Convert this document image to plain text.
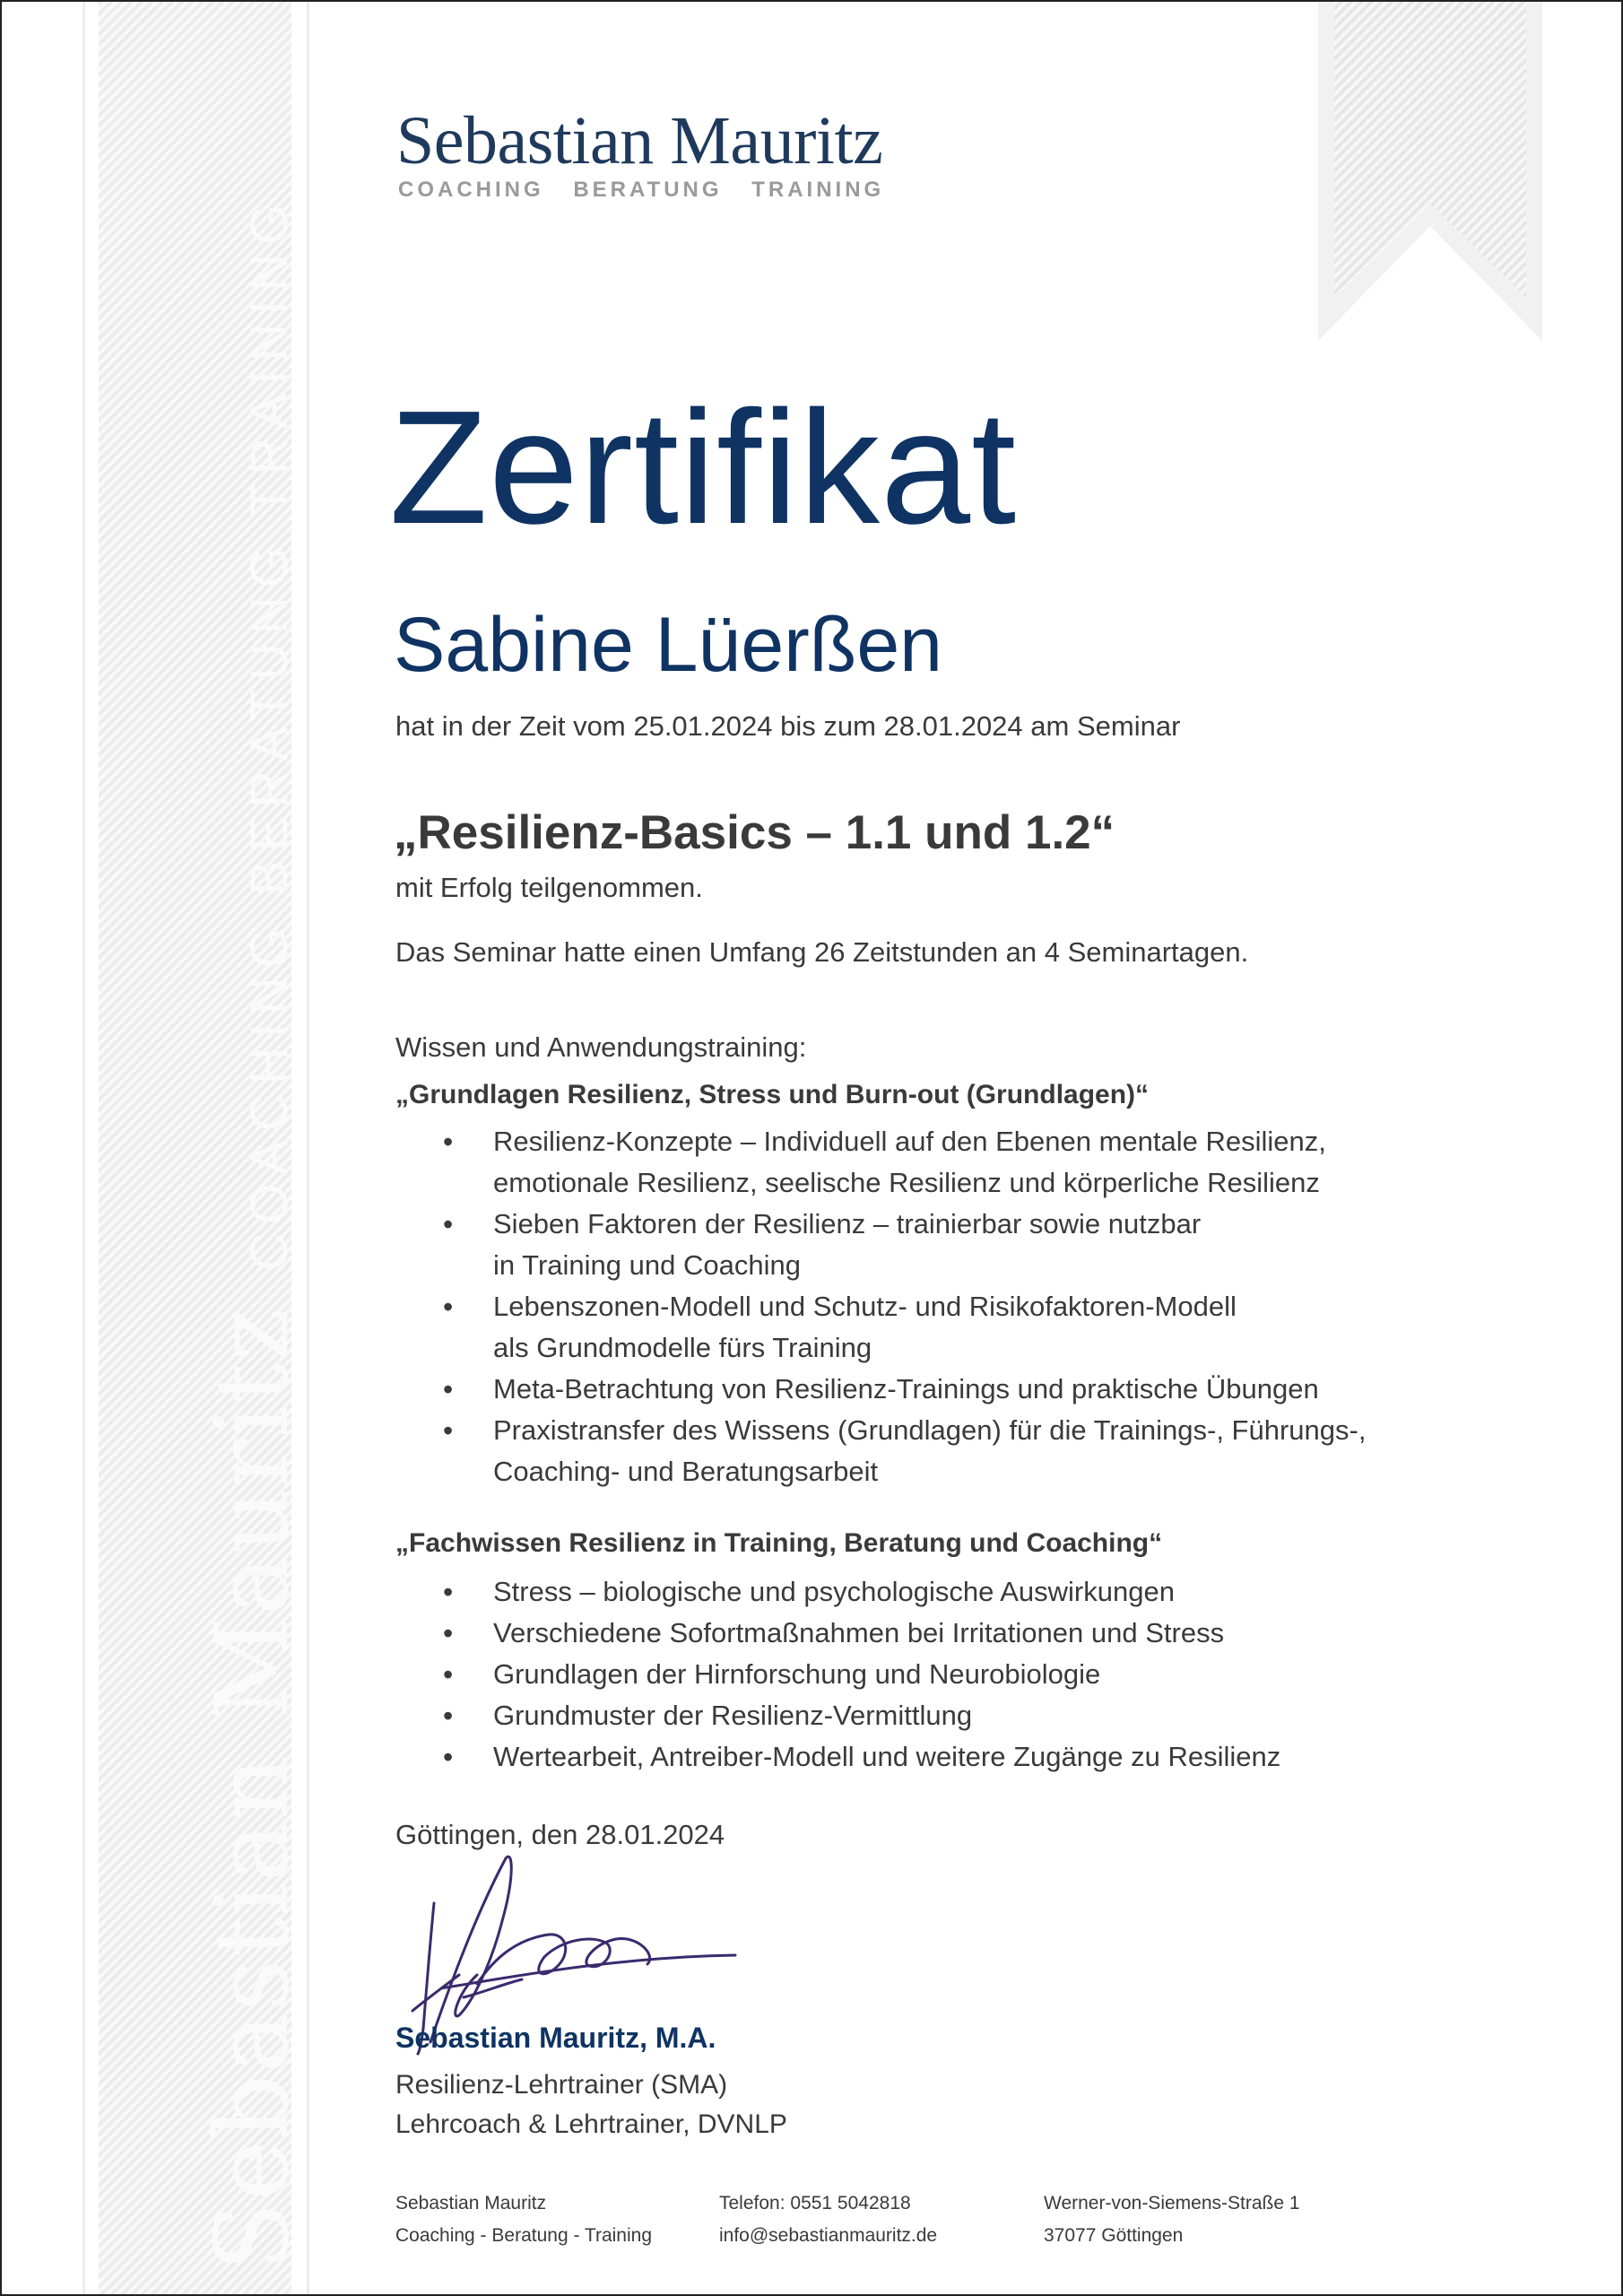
Sebastian MauritzCOACHING BERATUNG TRAINING
Sebastian Mauritz
COACHING BERATUNG TRAINING
Zertifikat
Sabine Lüerßen
hat in der Zeit vom 25.01.2024 bis zum 28.01.2024 am Seminar
„Resilienz-Basics – 1.1 und 1.2“
mit Erfolg teilgenommen.
Das Seminar hatte einen Umfang 26 Zeitstunden an 4 Seminartagen.
Wissen und Anwendungstraining:
„Grundlagen Resilienz, Stress und Burn-out (Grundlagen)“
• Resilienz-Konzepte – Individuell auf den Ebenen mentale Resilienz,
emotionale Resilienz, seelische Resilienz und körperliche Resilienz
• Sieben Faktoren der Resilienz – trainierbar sowie nutzbar
in Training und Coaching
• Lebenszonen-Modell und Schutz- und Risikofaktoren-Modell
als Grundmodelle fürs Training
• Meta-Betrachtung von Resilienz-Trainings und praktische Übungen
• Praxistransfer des Wissens (Grundlagen) für die Trainings-, Führungs-,
Coaching- und Beratungsarbeit
„Fachwissen Resilienz in Training, Beratung und Coaching“
• Stress – biologische und psychologische Auswirkungen
• Verschiedene Sofortmaßnahmen bei Irritationen und Stress
• Grundlagen der Hirnforschung und Neurobiologie
• Grundmuster der Resilienz-Vermittlung
• Wertearbeit, Antreiber-Modell und weitere Zugänge zu Resilienz
Göttingen, den 28.01.2024
Sebastian Mauritz, M.A.
Resilienz-Lehrtrainer (SMA)
Lehrcoach & Lehrtrainer, DVNLP
Sebastian Mauritz
Coaching - Beratung - Training
Telefon: 0551 5042818
info@sebastianmauritz.de
Werner-von-Siemens-Straße 1
37077 Göttingen
